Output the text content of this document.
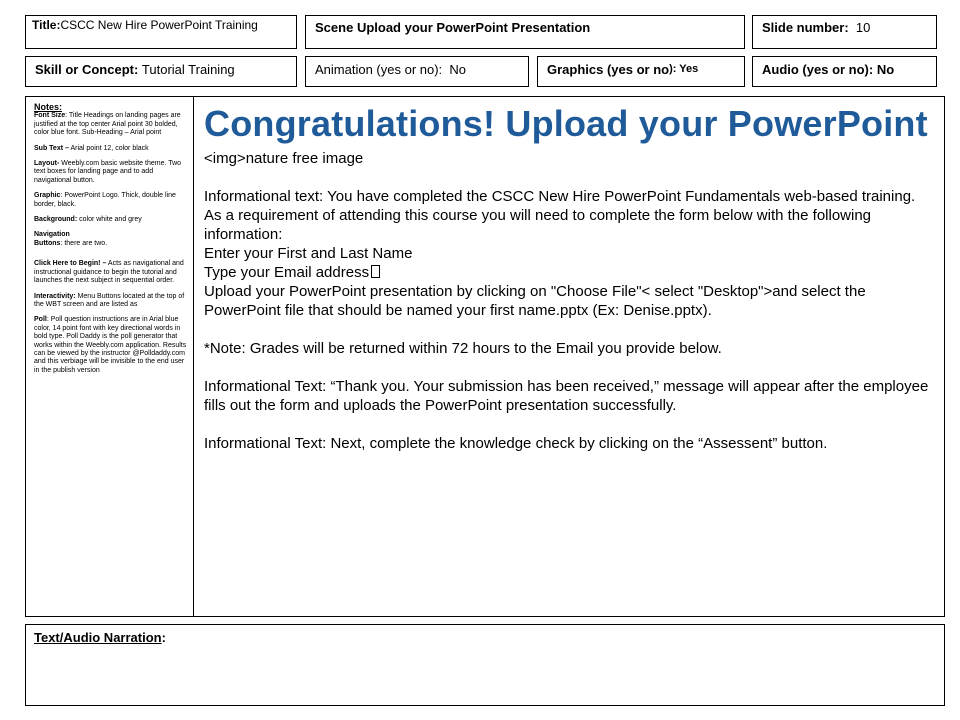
Title:CSCC New Hire PowerPoint Training	Scene
Upload your PowerPoint Presentation	Slide number:
10
Skill or Concept:
Tutorial Training	Animation (yes or no):
No	Graphics (yes or no ): Yes	Audio (yes or no): No
Notes:

Font Size: Title Headings on landing pages are justified at the top center Arial point 30 bolded, color blue font. Sub-Heading – Arial point

Sub Text – Arial point 12, color black

Layout- Weebly.com basic website theme. Two text boxes for landing page and to add navigational button.

Graphic: PowerPoint Logo. Thick, double line border, black.

Background: color white and grey

Navigation
Buttons: there are two.

Click Here to Begin! – Acts as navigational and instructional guidance to begin the tutorial and launches the next subject in sequential order.

Interactivity: Menu Buttons located at the top of the WBT screen and are listed as

Poll: Poll question instructions are in Arial blue color, 14 point font with key directional words in bold type. Poll Daddy is the poll generator that works within the Weebly.com application. Results can be viewed by the instructor @Polldaddy.com and this verbiage will be invisible to the end user in the publish version

Congratulations! Upload your PowerPoint

<img>nature free image

Informational text: You have completed the CSCC New Hire PowerPoint Fundamentals web-based training. As a requirement of attending this course you will need to complete the form below with the following information:

Enter your First and Last Name

Type your Email address

Upload your PowerPoint presentation by clicking on "Choose File"< select "Desktop">and select the PowerPoint file that should be named your first name.pptx (Ex: Denise.pptx).

*Note: Grades will be returned within 72 hours to the Email you provide below.

Informational Text: “Thank you. Your submission has been received,” message will appear after the employee fills out the form and uploads the PowerPoint presentation successfully.

Informational Text: Next, complete the knowledge check by clicking on the “Assessent” button.

Text/Audio Narration:
